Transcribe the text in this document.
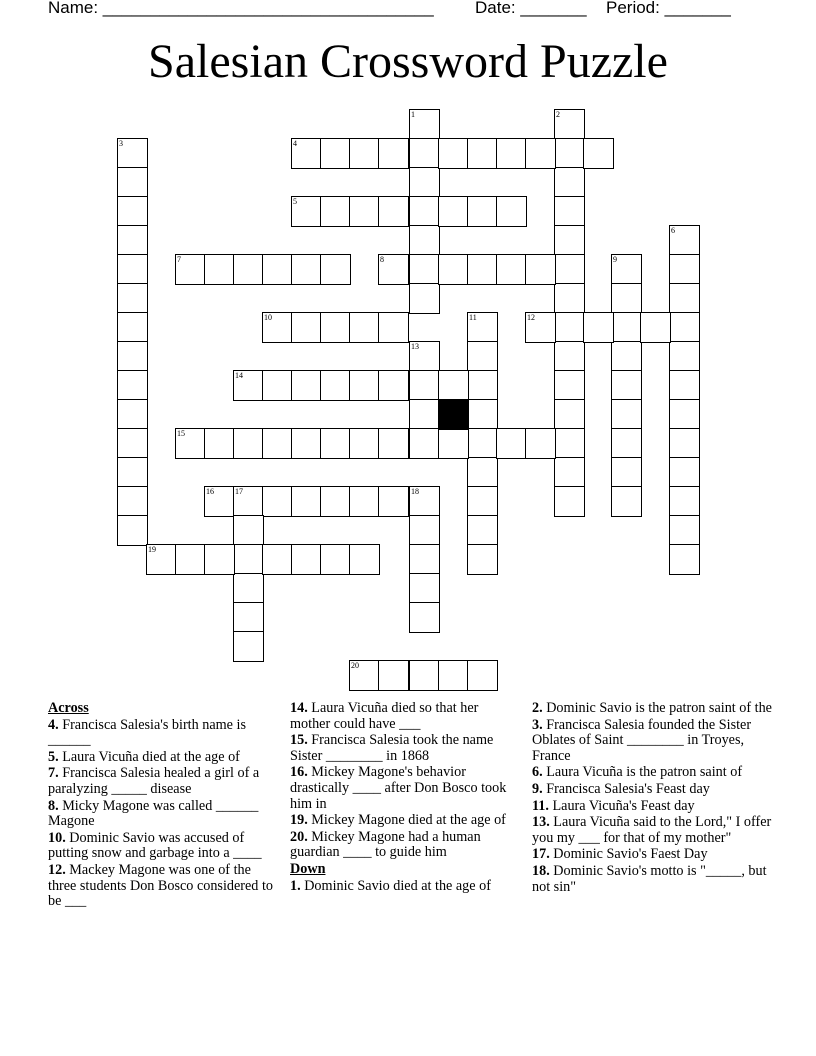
Name: ___________________________________ Date: _______ Period: _______
Salesian Crossword Puzzle
1	2
3	4
5
6
7	8	9
10	11	12
13
14
15
16	17	18
19
20
Across
4. Francisca Salesia's birth name is ______
5. Laura Vicuña died at the age of
7. Francisca Salesia healed a girl of a paralyzing _____ disease
8. Micky Magone was called ______ Magone
10. Dominic Savio was accused of putting snow and garbage into a ____
12. Mackey Magone was one of the three students Don Bosco considered to be ___
14. Laura Vicuña died so that her mother could have ___
15. Francisca Salesia took the name Sister ________ in 1868
16. Mickey Magone's behavior drastically ____ after Don Bosco took him in
19. Mickey Magone died at the age of
20. Mickey Magone had a human guardian ____ to guide him
Down
1. Dominic Savio died at the age of
2. Dominic Savio is the patron saint of the
3. Francisca Salesia founded the Sister Oblates of Saint ________ in Troyes, France
6. Laura Vicuña is the patron saint of
9. Francisca Salesia's Feast day
11. Laura Vicuña's Feast day
13. Laura Vicuña said to the Lord," I offer you my ___ for that of my mother"
17. Dominic Savio's Faest Day
18. Dominic Savio's motto is "_____, but not sin"
